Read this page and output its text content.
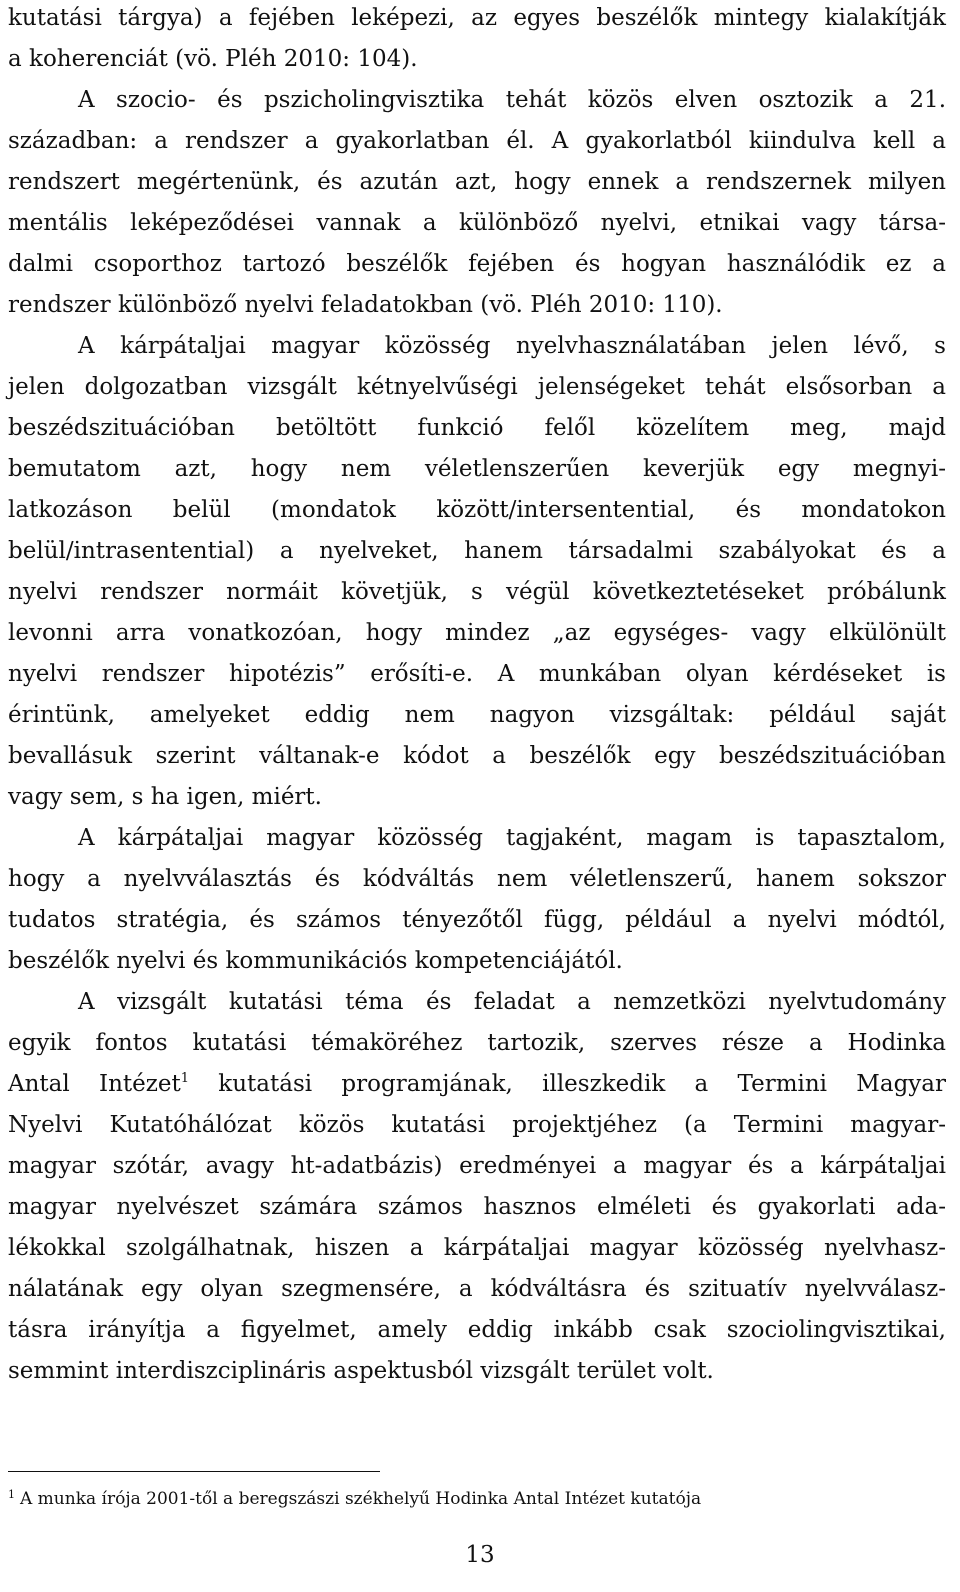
kutatási tárgya) a fejében leképezi, az egyes beszélők mintegy kialakítják
a koherenciát (vö. Pléh 2010: 104).

A szocio- és pszicholingvisztika tehát közös elven osztozik a 21.
században: a rendszer a gyakorlatban él. A gyakorlatból kiindulva kell a
rendszert megértenünk, és azután azt, hogy ennek a rendszernek milyen
mentális leképeződései vannak a különböző nyelvi, etnikai vagy társa-
dalmi csoporthoz tartozó beszélők fejében és hogyan használódik ez a
rendszer különböző nyelvi feladatokban (vö. Pléh 2010: 110).

A kárpátaljai magyar közösség nyelvhasználatában jelen lévő, s
jelen dolgozatban vizsgált kétnyelvűségi jelenségeket tehát elsősorban a
beszédszituációban betöltött funkció felől közelítem meg, majd
bemutatom azt, hogy nem véletlenszerűen keverjük egy megnyi-
latkozáson belül (mondatok között/intersentential, és mondatokon
belül/intrasentential) a nyelveket, hanem társadalmi szabályokat és a
nyelvi rendszer normáit követjük, s végül következtetéseket próbálunk
levonni arra vonatkozóan, hogy mindez „az egységes- vagy elkülönült
nyelvi rendszer hipotézis” erősíti-e. A munkában olyan kérdéseket is
érintünk, amelyeket eddig nem nagyon vizsgáltak: például saját
bevallásuk szerint váltanak-e kódot a beszélők egy beszédszituációban
vagy sem, s ha igen, miért.

A kárpátaljai magyar közösség tagjaként, magam is tapasztalom,
hogy a nyelvválasztás és kódváltás nem véletlenszerű, hanem sokszor
tudatos stratégia, és számos tényezőtől függ, például a nyelvi módtól,
beszélők nyelvi és kommunikációs kompetenciájától.

A vizsgált kutatási téma és feladat a nemzetközi nyelvtudomány
egyik fontos kutatási témaköréhez tartozik, szerves része a Hodinka
Antal Intézet$^1$ kutatási programjának, illeszkedik a Termini Magyar
Nyelvi Kutatóhálózat közös kutatási projektjéhez (a Termini magyar-
magyar szótár, avagy ht-adatbázis) eredményei a magyar és a kárpátaljai
magyar nyelvészet számára számos hasznos elméleti és gyakorlati ada-
lékokkal szolgálhatnak, hiszen a kárpátaljai magyar közösség nyelvhasz-
nálatának egy olyan szegmensére, a kódváltásra és szituatív nyelvválasz-
tásra irányítja a figyelmet, amely eddig inkább csak szociolingvisztikai,
semmint interdiszciplináris aspektusból vizsgált terület volt.

$^1$ A munka írója 2001-től a beregszászi székhelyű Hodinka Antal Intézet kutatója
13
